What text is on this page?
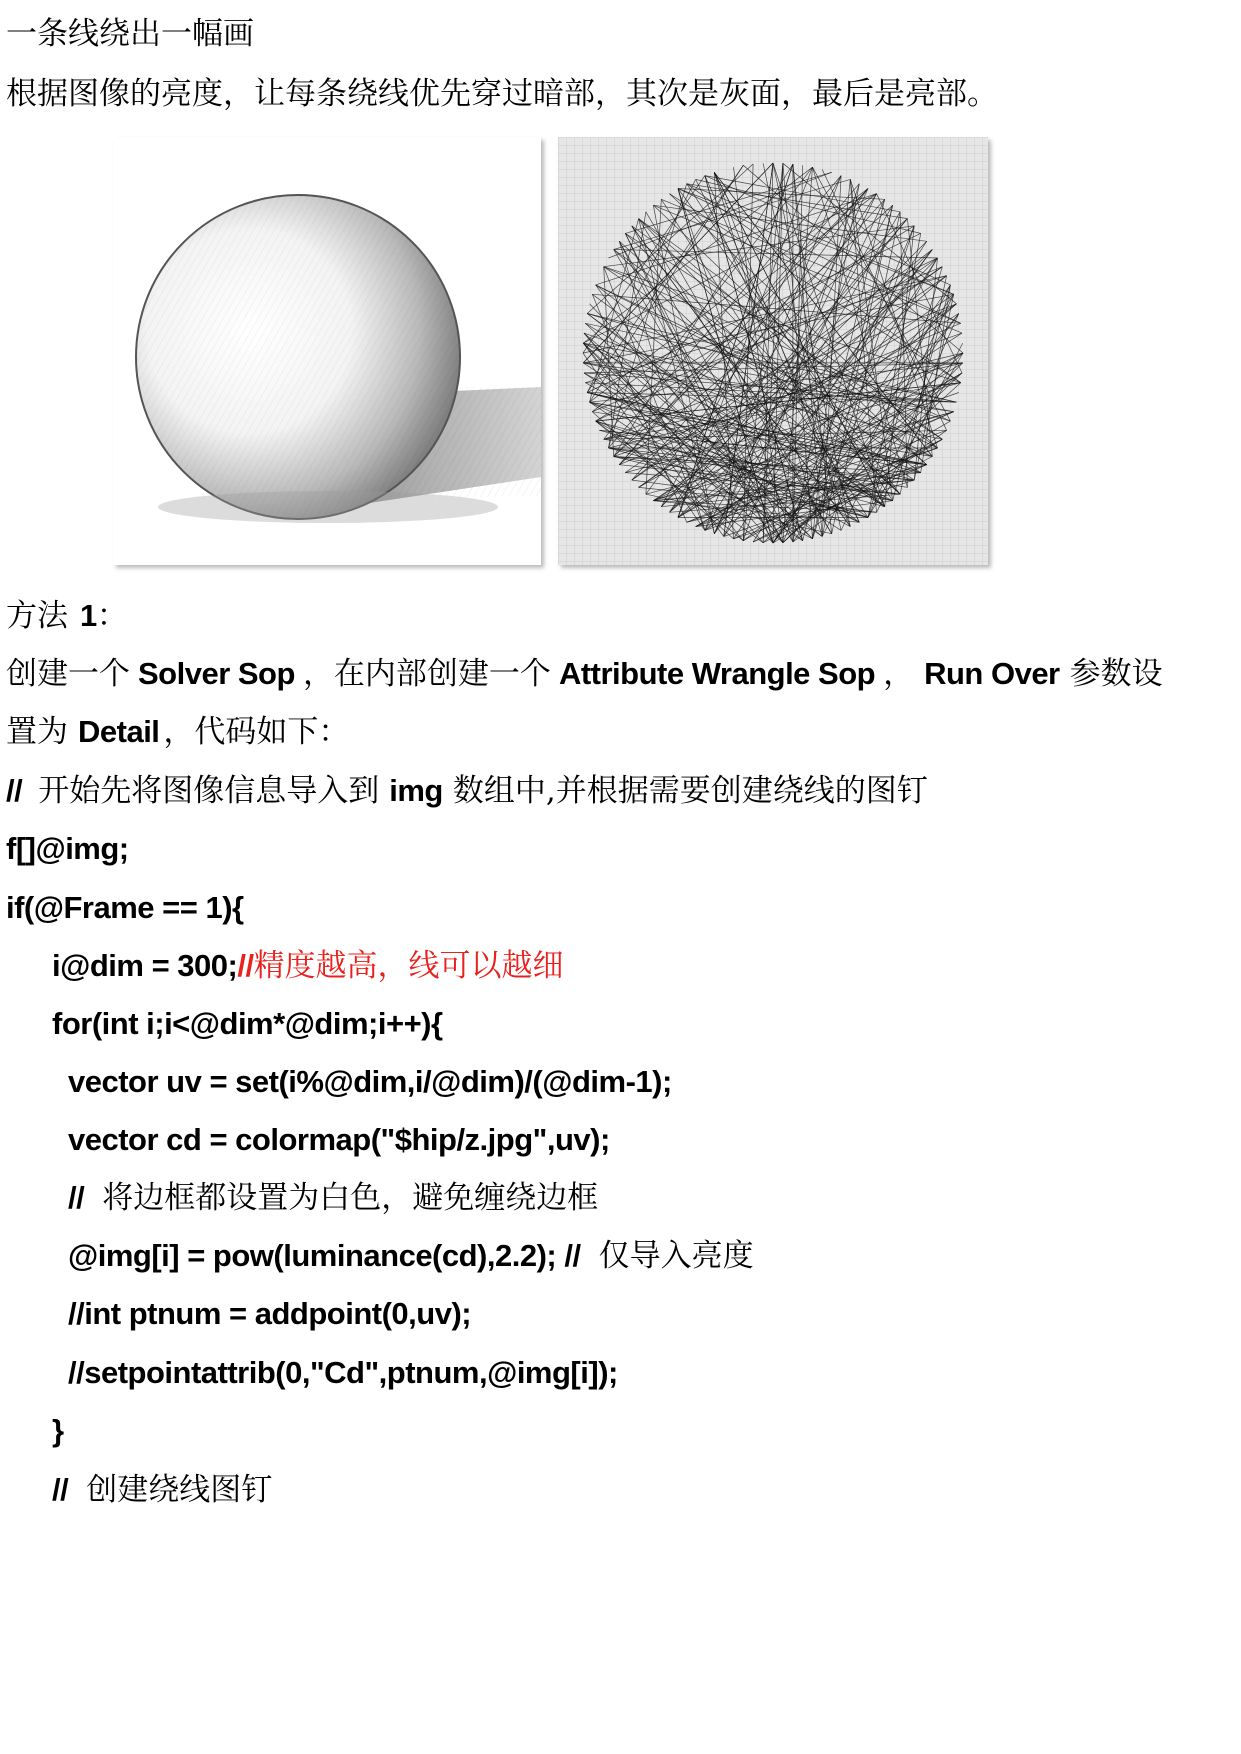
一条线绕出一幅画
根据图像的亮度，让每条绕线优先穿过暗部，其次是灰面，最后是亮部。
方法 1：
创建一个 Solver Sop ，在内部创建一个 Attribute Wrangle Sop ， Run Over 参数设
置为 Detail ，代码如下：
// 开始先将图像信息导入到 img 数组中,并根据需要创建绕线的图钉
f[]@img;
if(@Frame == 1){
i@dim = 300;//精度越高，线可以越细
for(int i;i<@dim*@dim;i++){
vector uv = set(i%@dim,i/@dim)/(@dim-1);
vector cd = colormap("$hip/z.jpg",uv);
// 将边框都设置为白色，避免缠绕边框
@img[i] = pow(luminance(cd),2.2); // 仅导入亮度
//int ptnum = addpoint(0,uv);
//setpointattrib(0,"Cd",ptnum,@img[i]);
}
// 创建绕线图钉
